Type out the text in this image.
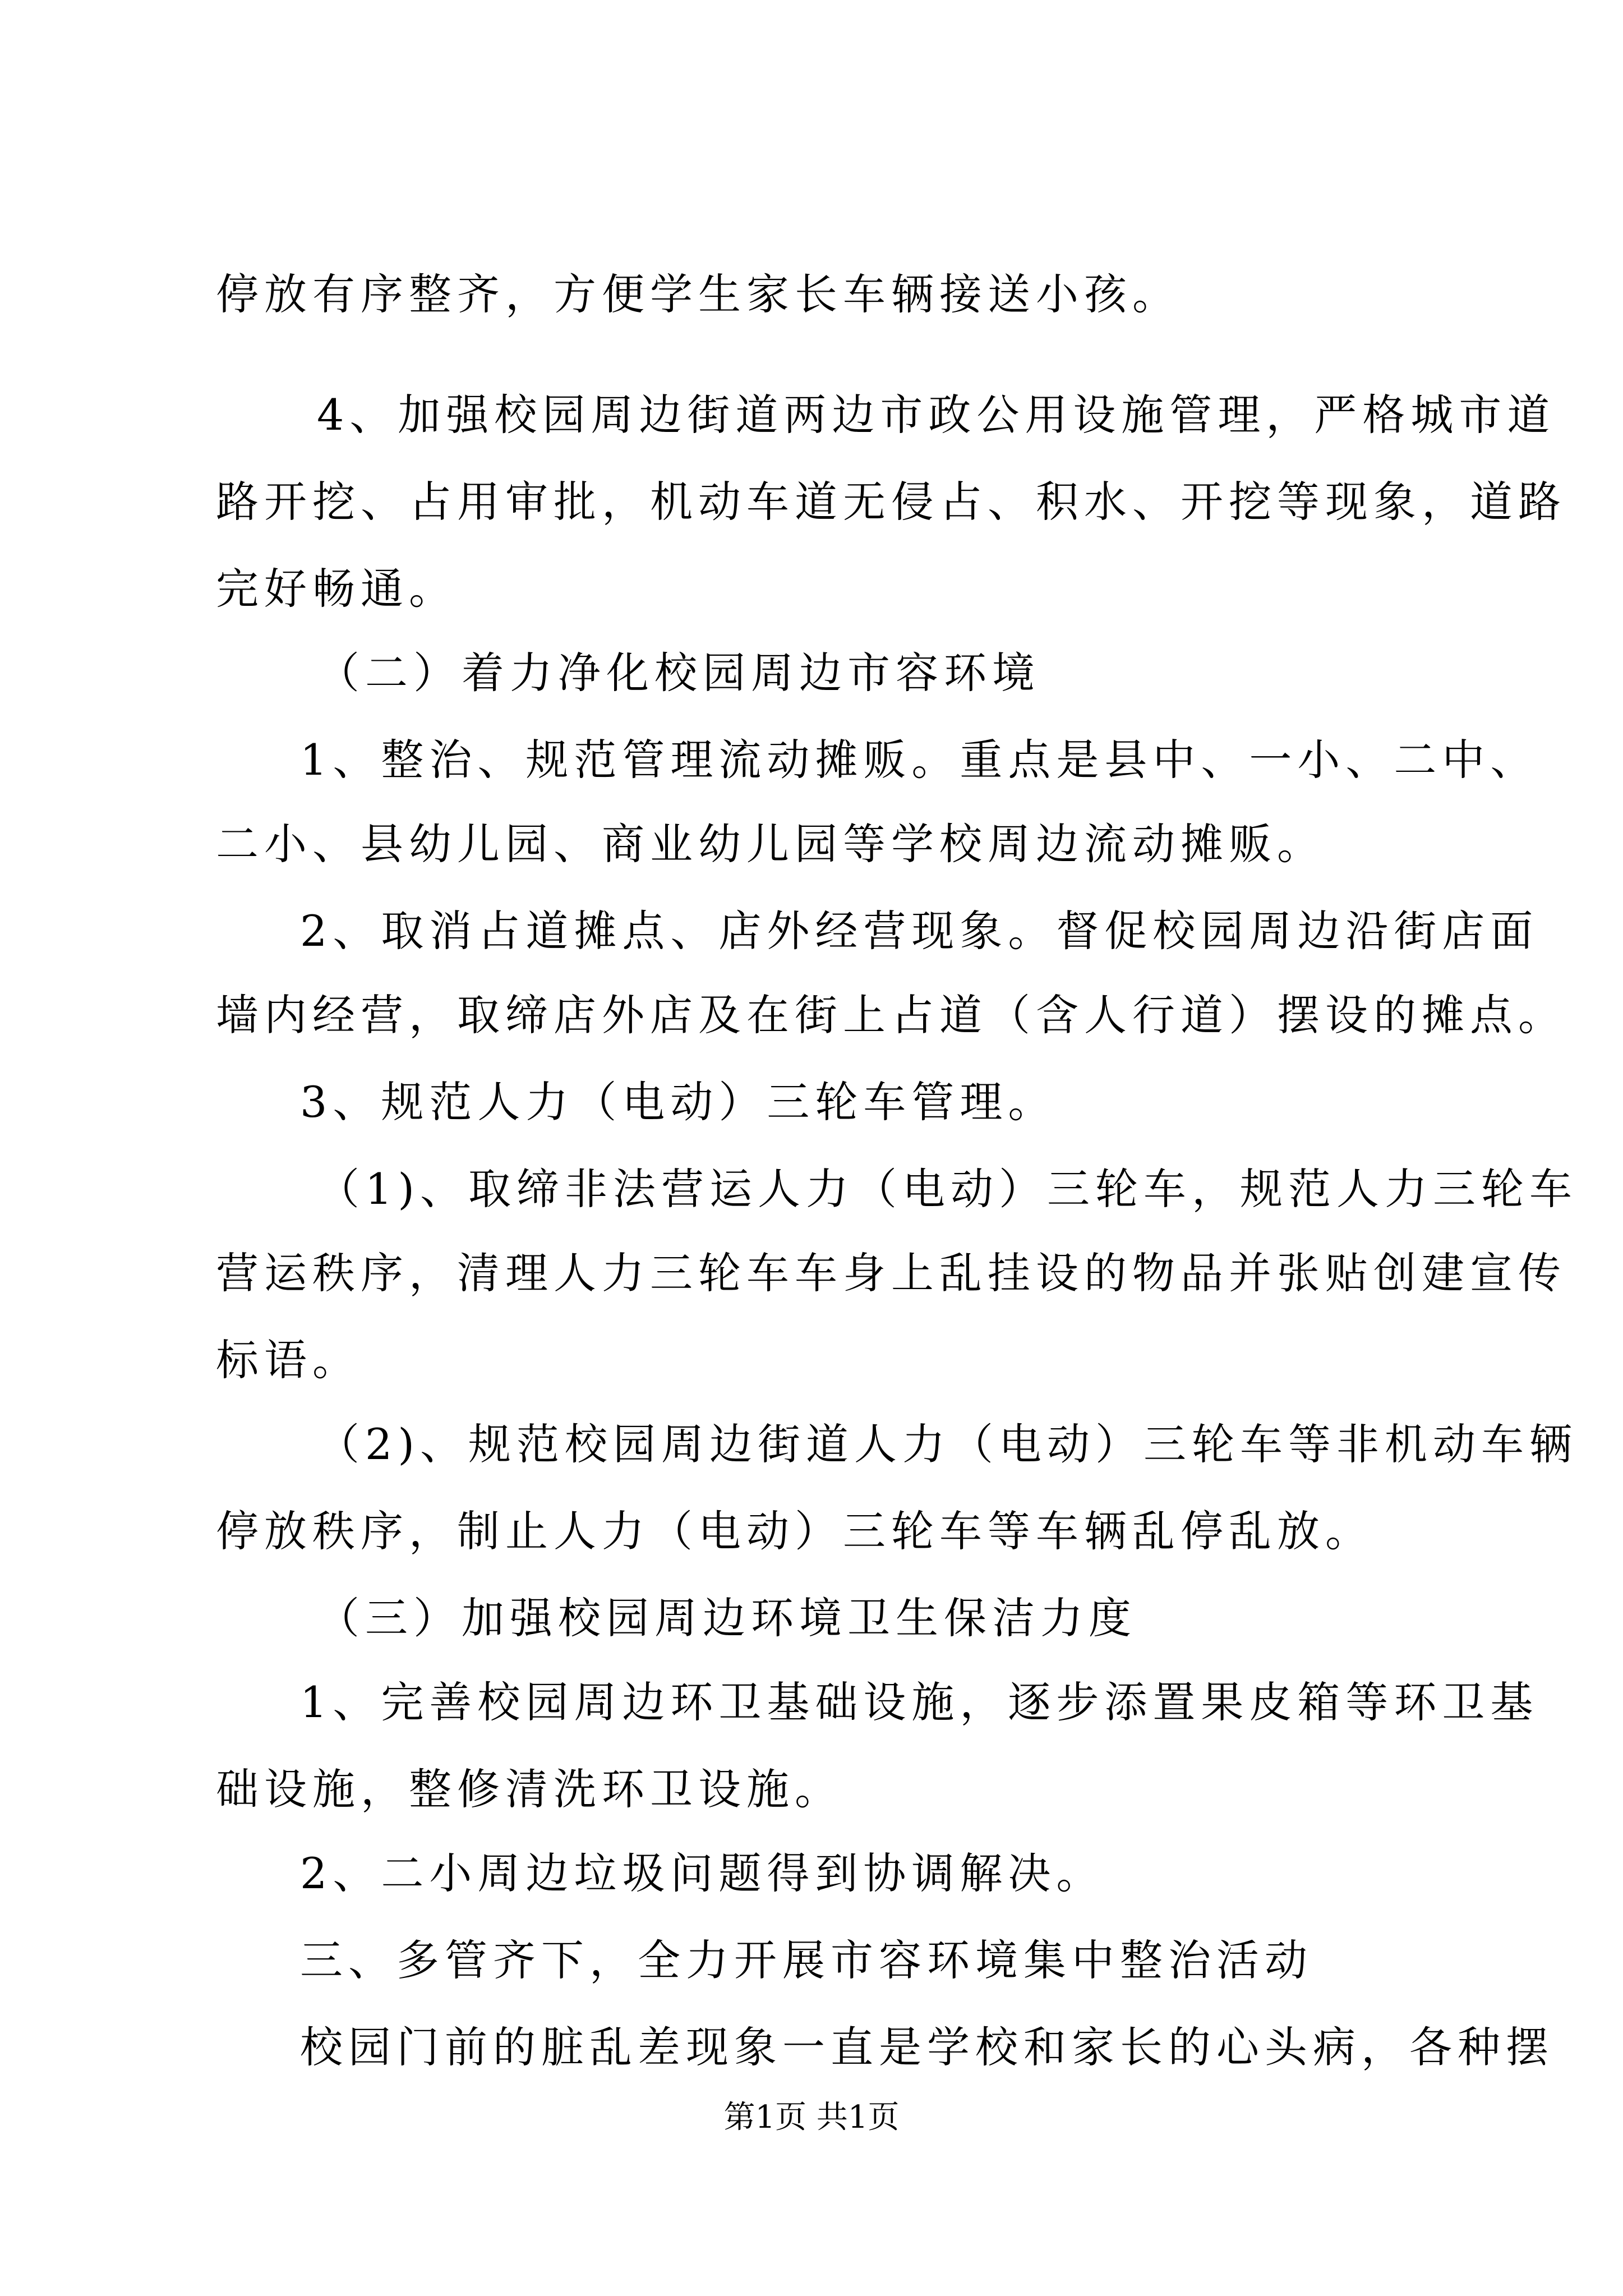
停放有序整齐，方便学生家长车辆接送小孩。
4、加强校园周边街道两边市政公用设施管理，严格城市道
路开挖、占用审批，机动车道无侵占、积水、开挖等现象，道路
完好畅通。
（二）着力净化校园周边市容环境
1、整治、规范管理流动摊贩。重点是县中、一小、二中、
二小、县幼儿园、商业幼儿园等学校周边流动摊贩。
2、取消占道摊点、店外经营现象。督促校园周边沿街店面
墙内经营，取缔店外店及在街上占道（含人行道）摆设的摊点。
3、规范人力（电动）三轮车管理。
（1)、取缔非法营运人力（电动）三轮车，规范人力三轮车
营运秩序，清理人力三轮车车身上乱挂设的物品并张贴创建宣传
标语。
（2)、规范校园周边街道人力（电动）三轮车等非机动车辆
停放秩序，制止人力（电动）三轮车等车辆乱停乱放。
（三）加强校园周边环境卫生保洁力度
1、完善校园周边环卫基础设施，逐步添置果皮箱等环卫基
础设施，整修清洗环卫设施。
2、二小周边垃圾问题得到协调解决。
三、多管齐下，全力开展市容环境集中整治活动
校园门前的脏乱差现象一直是学校和家长的心头病，各种摆
第1页 共1页
